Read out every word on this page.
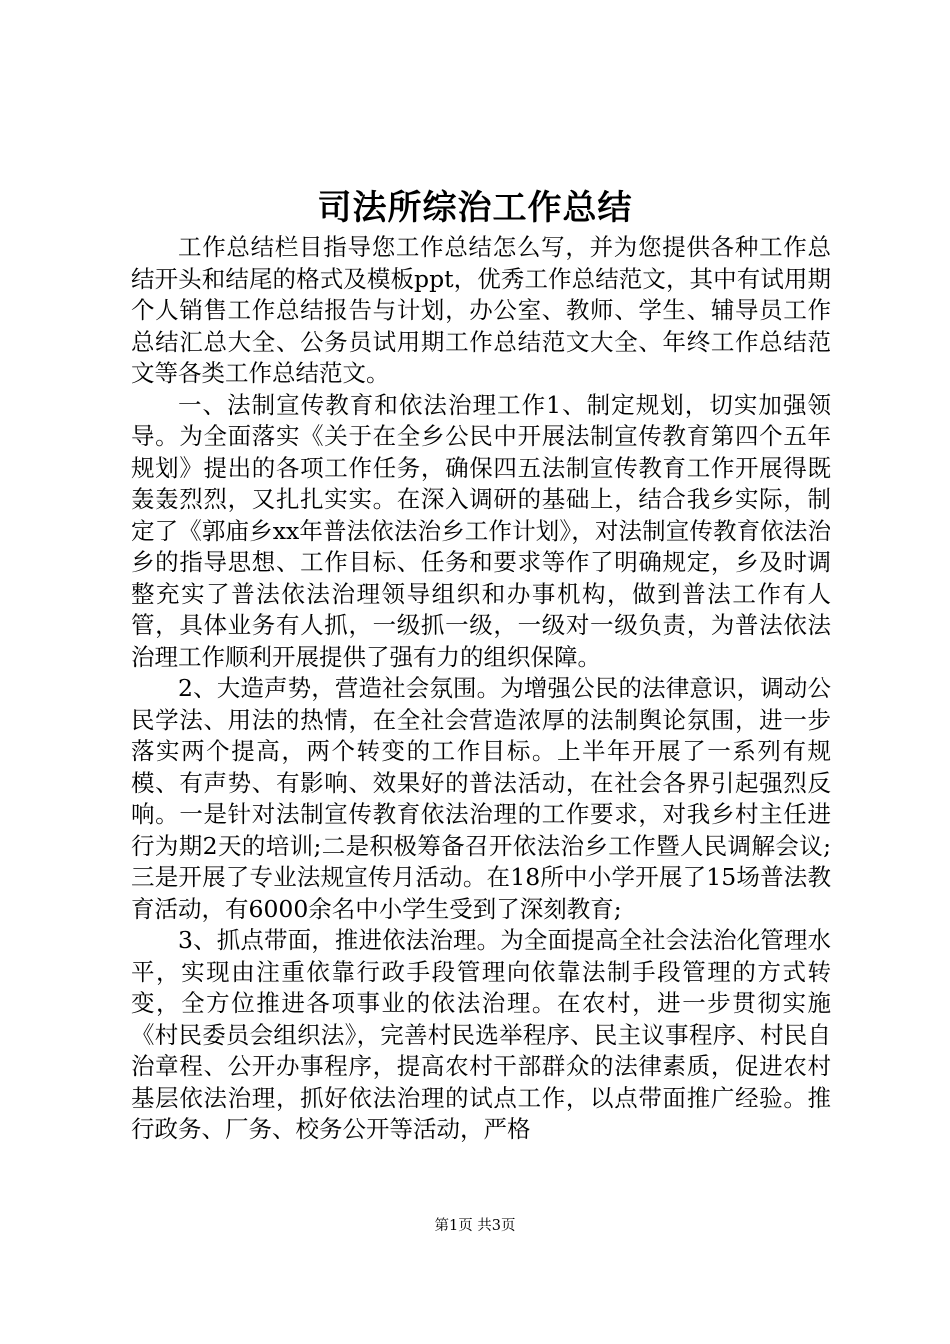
司法所综治工作总结

工作总结栏目指导您工作总结怎么写，并为您提供各种工作总结开头和结尾的格式及模板ppt，优秀工作总结范文，其中有试用期个人销售工作总结报告与计划，办公室、教师、学生、辅导员工作总结汇总大全、公务员试用期工作总结范文大全、年终工作总结范文等各类工作总结范文。

一、法制宣传教育和依法治理工作1、制定规划，切实加强领导。为全面落实《关于在全乡公民中开展法制宣传教育第四个五年规划》提出的各项工作任务，确保四五法制宣传教育工作开展得既轰轰烈烈，又扎扎实实。在深入调研的基础上，结合我乡实际，制定了《郭庙乡xx年普法依法治乡工作计划》，对法制宣传教育依法治乡的指导思想、工作目标、任务和要求等作了明确规定，乡及时调整充实了普法依法治理领导组织和办事机构，做到普法工作有人管，具体业务有人抓，一级抓一级，一级对一级负责，为普法依法治理工作顺利开展提供了强有力的组织保障。

2、大造声势，营造社会氛围。为增强公民的法律意识，调动公民学法、用法的热情，在全社会营造浓厚的法制舆论氛围，进一步落实两个提高，两个转变的工作目标。上半年开展了一系列有规模、有声势、有影响、效果好的普法活动，在社会各界引起强烈反响。一是针对法制宣传教育依法治理的工作要求，对我乡村主任进行为期2天的培训;二是积极筹备召开依法治乡工作暨人民调解会议;三是开展了专业法规宣传月活动。在18所中小学开展了15场普法教育活动，有6000余名中小学生受到了深刻教育;

3、抓点带面，推进依法治理。为全面提高全社会法治化管理水平，实现由注重依靠行政手段管理向依靠法制手段管理的方式转变，全方位推进各项事业的依法治理。在农村，进一步贯彻实施《村民委员会组织法》，完善村民选举程序、民主议事程序、村民自治章程、公开办事程序，提高农村干部群众的法律素质，促进农村基层依法治理，抓好依法治理的试点工作，以点带面推广经验。推行政务、厂务、校务公开等活动，严格

第1页 共3页
